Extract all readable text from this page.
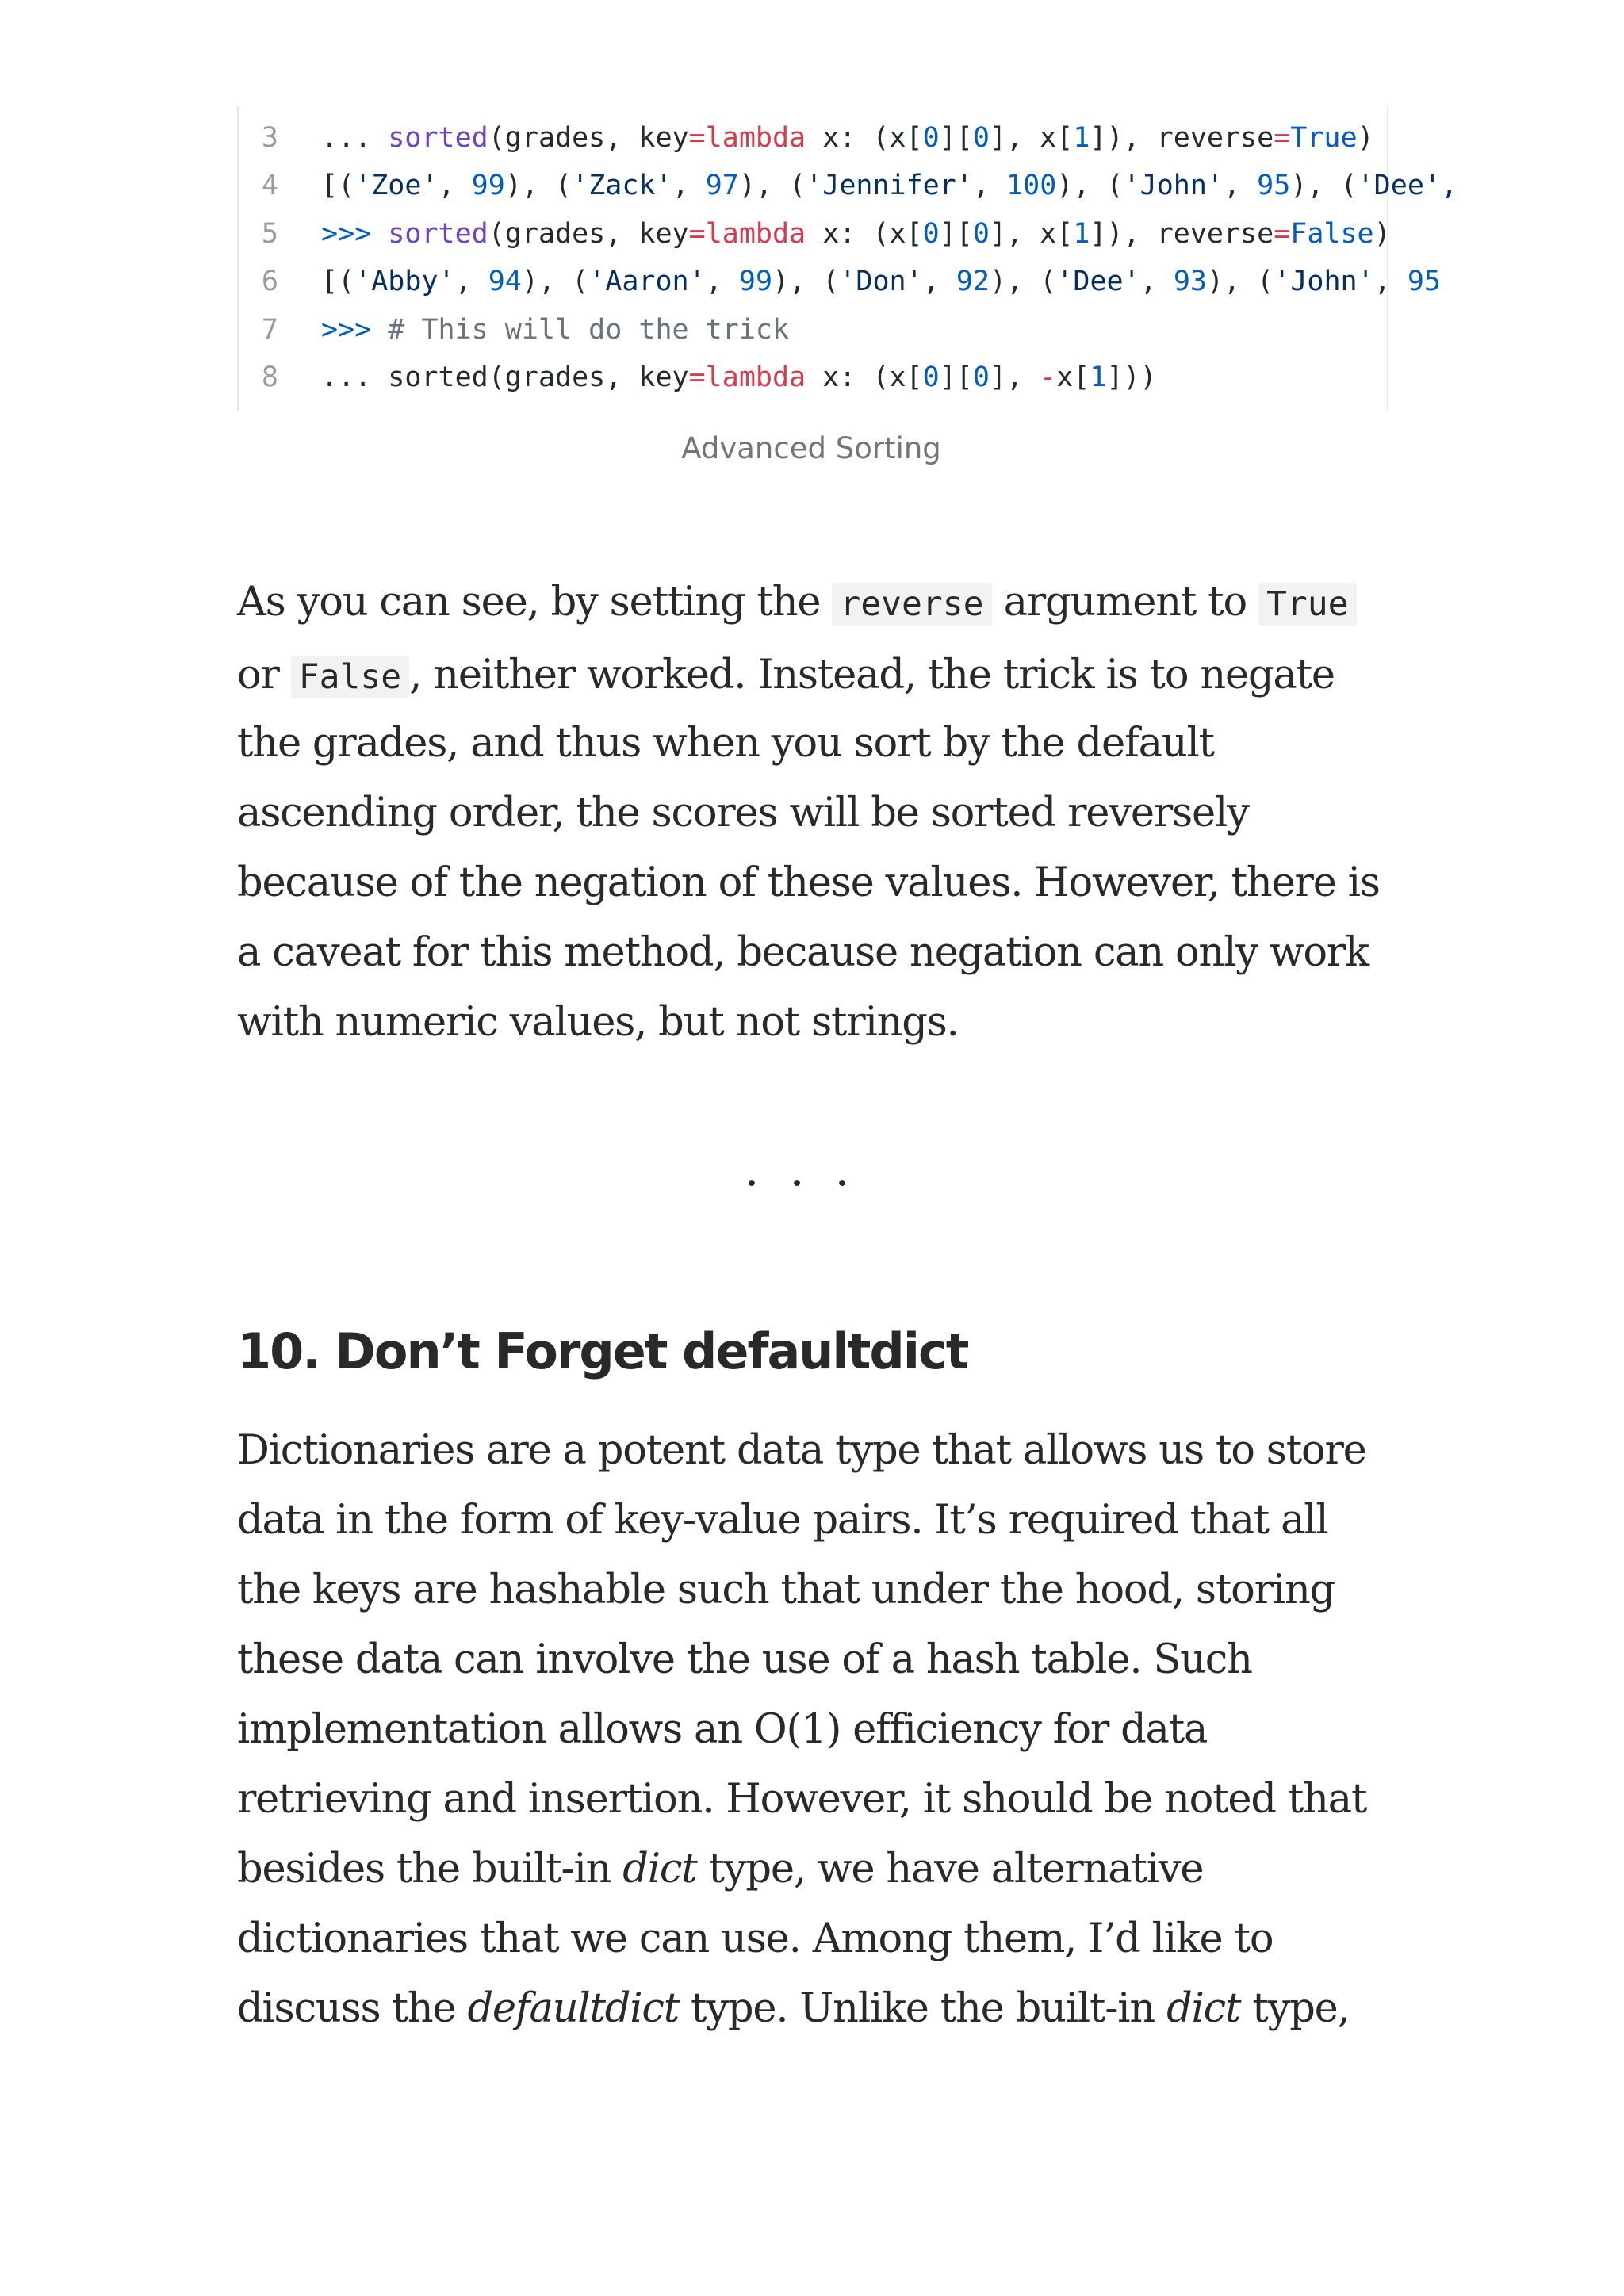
3 ... sorted(grades, key=lambda x: (x[0][0], x[1]), reverse=True)
4 [('Zoe', 99), ('Zack', 97), ('Jennifer', 100), ('John', 95), ('Dee',
5 >>> sorted(grades, key=lambda x: (x[0][0], x[1]), reverse=False)
6 [('Abby', 94), ('Aaron', 99), ('Don', 92), ('Dee', 93), ('John', 95
7 >>> # This will do the trick
8 ... sorted(grades, key=lambda x: (x[0][0], -x[1]))
Advanced Sorting
As you can see, by setting the reverse argument to True
or False , neither worked. Instead, the trick is to negate
the grades, and thus when you sort by the default
ascending order, the scores will be sorted reversely
because of the negation of these values. However, there is
a caveat for this method, because negation can only work
with numeric values, but not strings.
...
10. Don’t Forget defaultdict
Dictionaries are a potent data type that allows us to store
data in the form of key-value pairs. It’s required that all
the keys are hashable such that under the hood, storing
these data can involve the use of a hash table. Such
implementation allows an O(1) efficiency for data
retrieving and insertion. However, it should be noted that
besides the built-in dict type, we have alternative
dictionaries that we can use. Among them, I’d like to
discuss the defaultdict type. Unlike the built-in dict type,
